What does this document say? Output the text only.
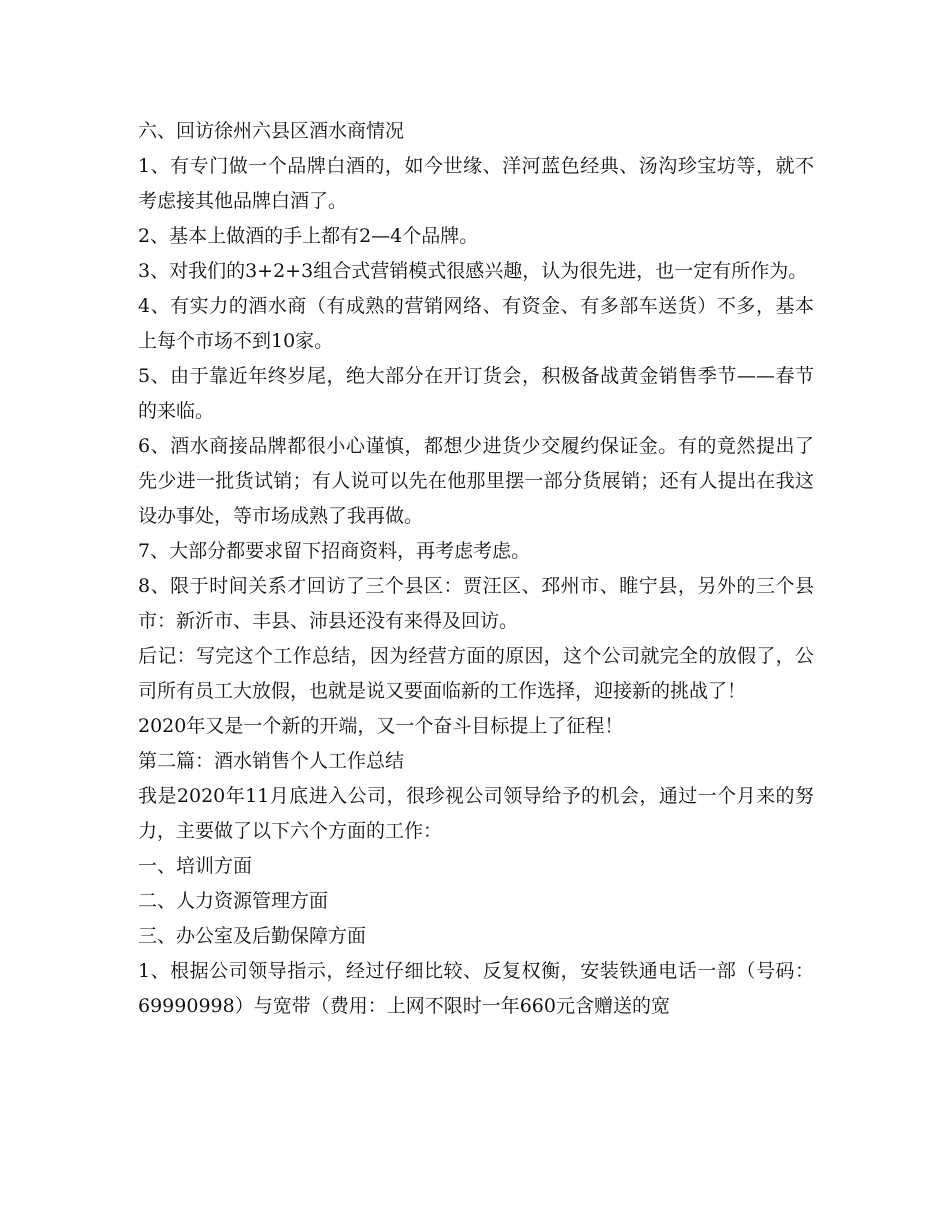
六、回访徐州六县区酒水商情况

1、有专门做一个品牌白酒的，如今世缘、洋河蓝色经典、汤沟珍宝坊等，就不考虑接其他品牌白酒了。

2、基本上做酒的手上都有2—4个品牌。

3、对我们的3+2+3组合式营销模式很感兴趣，认为很先进，也一定有所作为。

4、有实力的酒水商（有成熟的营销网络、有资金、有多部车送货）不多，基本上每个市场不到10家。

5、由于靠近年终岁尾，绝大部分在开订货会，积极备战黄金销售季节——春节的来临。

6、酒水商接品牌都很小心谨慎，都想少进货少交履约保证金。有的竟然提出了先少进一批货试销；有人说可以先在他那里摆一部分货展销；还有人提出在我这设办事处，等市场成熟了我再做。

7、大部分都要求留下招商资料，再考虑考虑。

8、限于时间关系才回访了三个县区：贾汪区、邳州市、睢宁县，另外的三个县市：新沂市、丰县、沛县还没有来得及回访。

后记：写完这个工作总结，因为经营方面的原因，这个公司就完全的放假了，公司所有员工大放假，也就是说又要面临新的工作选择，迎接新的挑战了！

2020年又是一个新的开端，又一个奋斗目标提上了征程！

第二篇：酒水销售个人工作总结

我是2020年11月底进入公司，很珍视公司领导给予的机会，通过一个月来的努力，主要做了以下六个方面的工作：

一、培训方面

二、人力资源管理方面

三、办公室及后勤保障方面

1、根据公司领导指示，经过仔细比较、反复权衡，安装铁通电话一部（号码：69990998）与宽带（费用：上网不限时一年660元含赠送的宽
